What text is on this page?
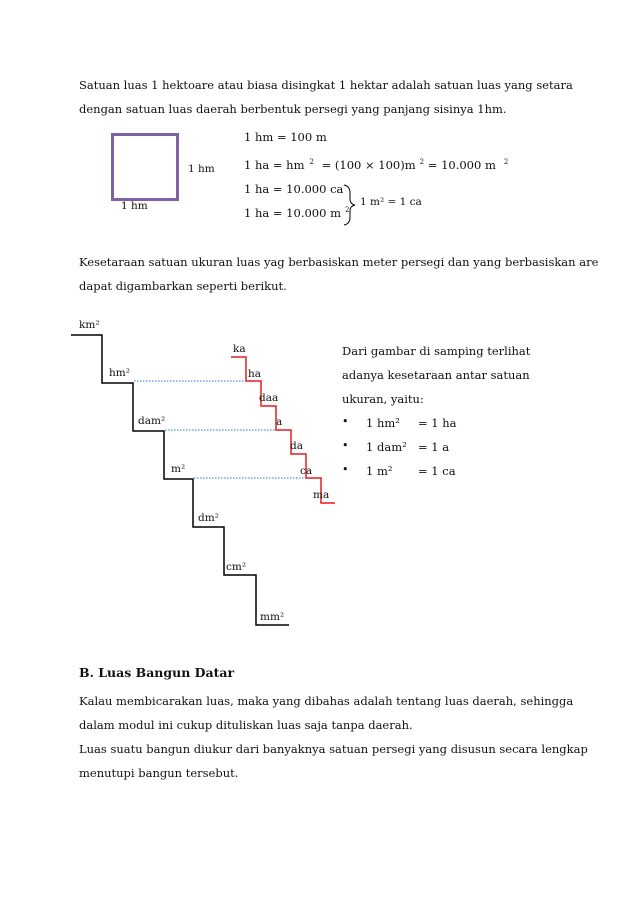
Satuan luas 1 hektoare atau biasa disingkat 1 hektar adalah satuan luas yang setara
dengan satuan luas daerah berbentuk persegi yang panjang sisinya 1hm.
1 hm
1 hm
1 hm = 100 m
1 ha = hm $^2$ = (100 × 100)m $^2$ = 10.000 m $^2$
1 ha = 10.000 ca
1 ha = 10.000 m $^2$
1 m² = 1 ca
Kesetaraan satuan ukuran luas yag berbasiskan meter persegi dan yang berbasiskan are
dapat digambarkan seperti berikut.
km²
hm²
dam²
m²
dm²
cm²
mm²
ka
ha
daa
a
da
ca
ma
Dari gambar di samping terlihat
adanya kesetaraan antar satuan
ukuran, yaitu:
• 1 hm² = 1 ha
• 1 dam² = 1 a
• 1 m² = 1 ca
B. Luas Bangun Datar
Kalau membicarakan luas, maka yang dibahas adalah tentang luas daerah, sehingga
dalam modul ini cukup dituliskan luas saja tanpa daerah.
Luas suatu bangun diukur dari banyaknya satuan persegi yang disusun secara lengkap
menutupi bangun tersebut.
